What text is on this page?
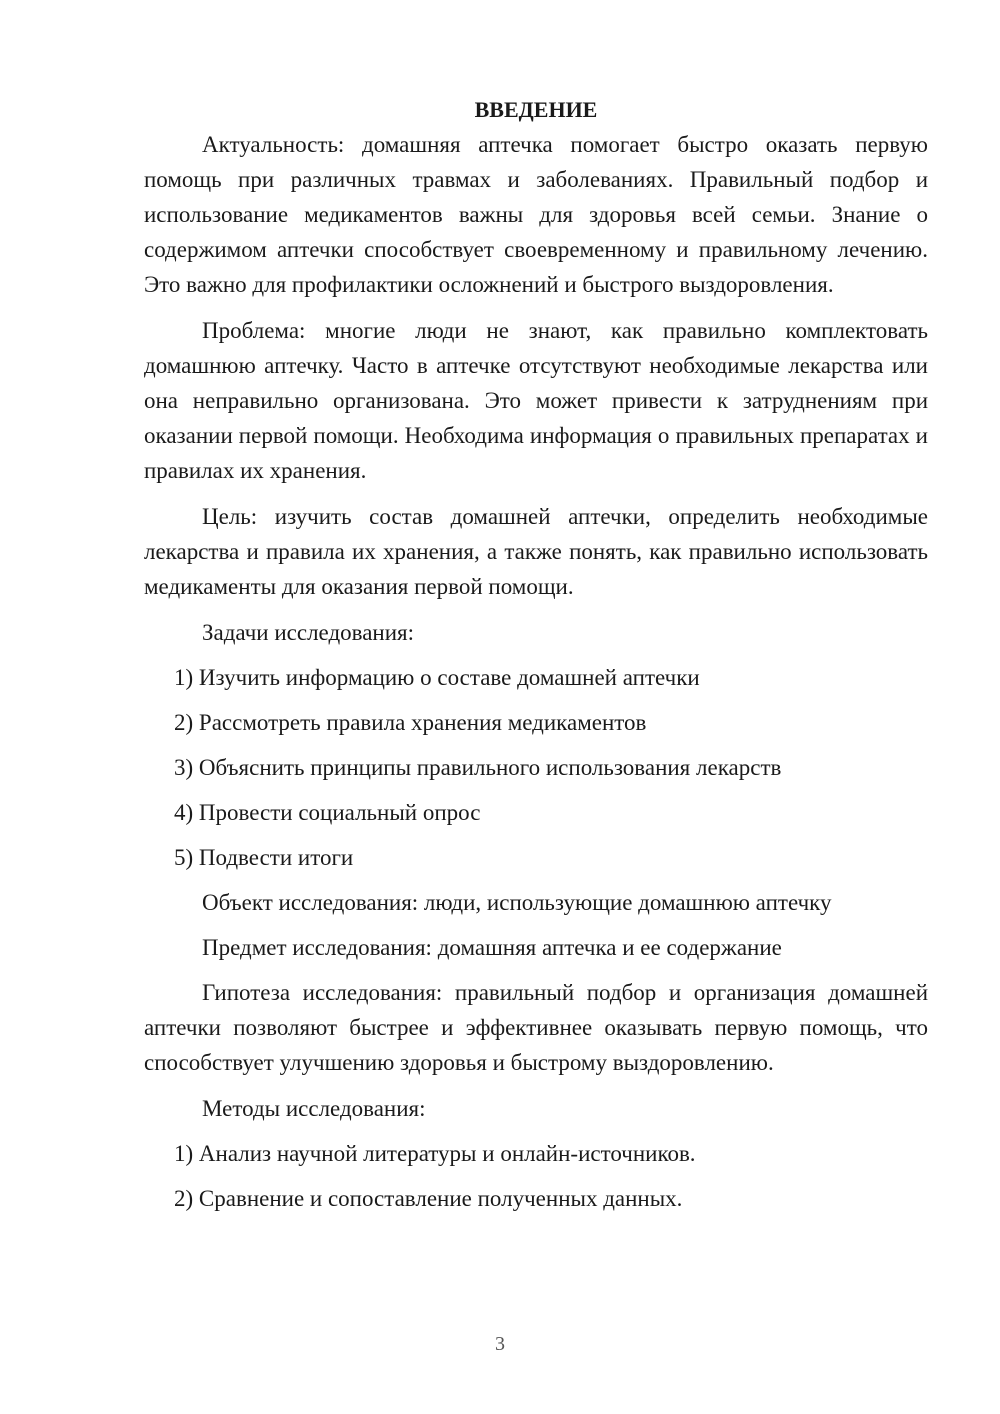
ВВЕДЕНИЕ

Актуальность: домашняя аптечка помогает быстро оказать первую помощь при различных травмах и заболеваниях. Правильный подбор и использование медикаментов важны для здоровья всей семьи. Знание о содержимом аптечки способствует своевременному и правильному лечению. Это важно для профилактики осложнений и быстрого выздоровления.

Проблема: многие люди не знают, как правильно комплектовать домашнюю аптечку. Часто в аптечке отсутствуют необходимые лекарства или она неправильно организована. Это может привести к затруднениям при оказании первой помощи. Необходима информация о правильных препаратах и правилах их хранения.

Цель: изучить состав домашней аптечки, определить необходимые лекарства и правила их хранения, а также понять, как правильно использовать медикаменты для оказания первой помощи.

Задачи исследования:

1) Изучить информацию о составе домашней аптечки

2) Рассмотреть правила хранения медикаментов

3) Объяснить принципы правильного использования лекарств

4) Провести социальный опрос

5) Подвести итоги

Объект исследования: люди, использующие домашнюю аптечку

Предмет исследования: домашняя аптечка и ее содержание

Гипотеза исследования: правильный подбор и организация домашней аптечки позволяют быстрее и эффективнее оказывать первую помощь, что способствует улучшению здоровья и быстрому выздоровлению.

Методы исследования:

1) Анализ научной литературы и онлайн-источников.

2) Сравнение и сопоставление полученных данных.

3
